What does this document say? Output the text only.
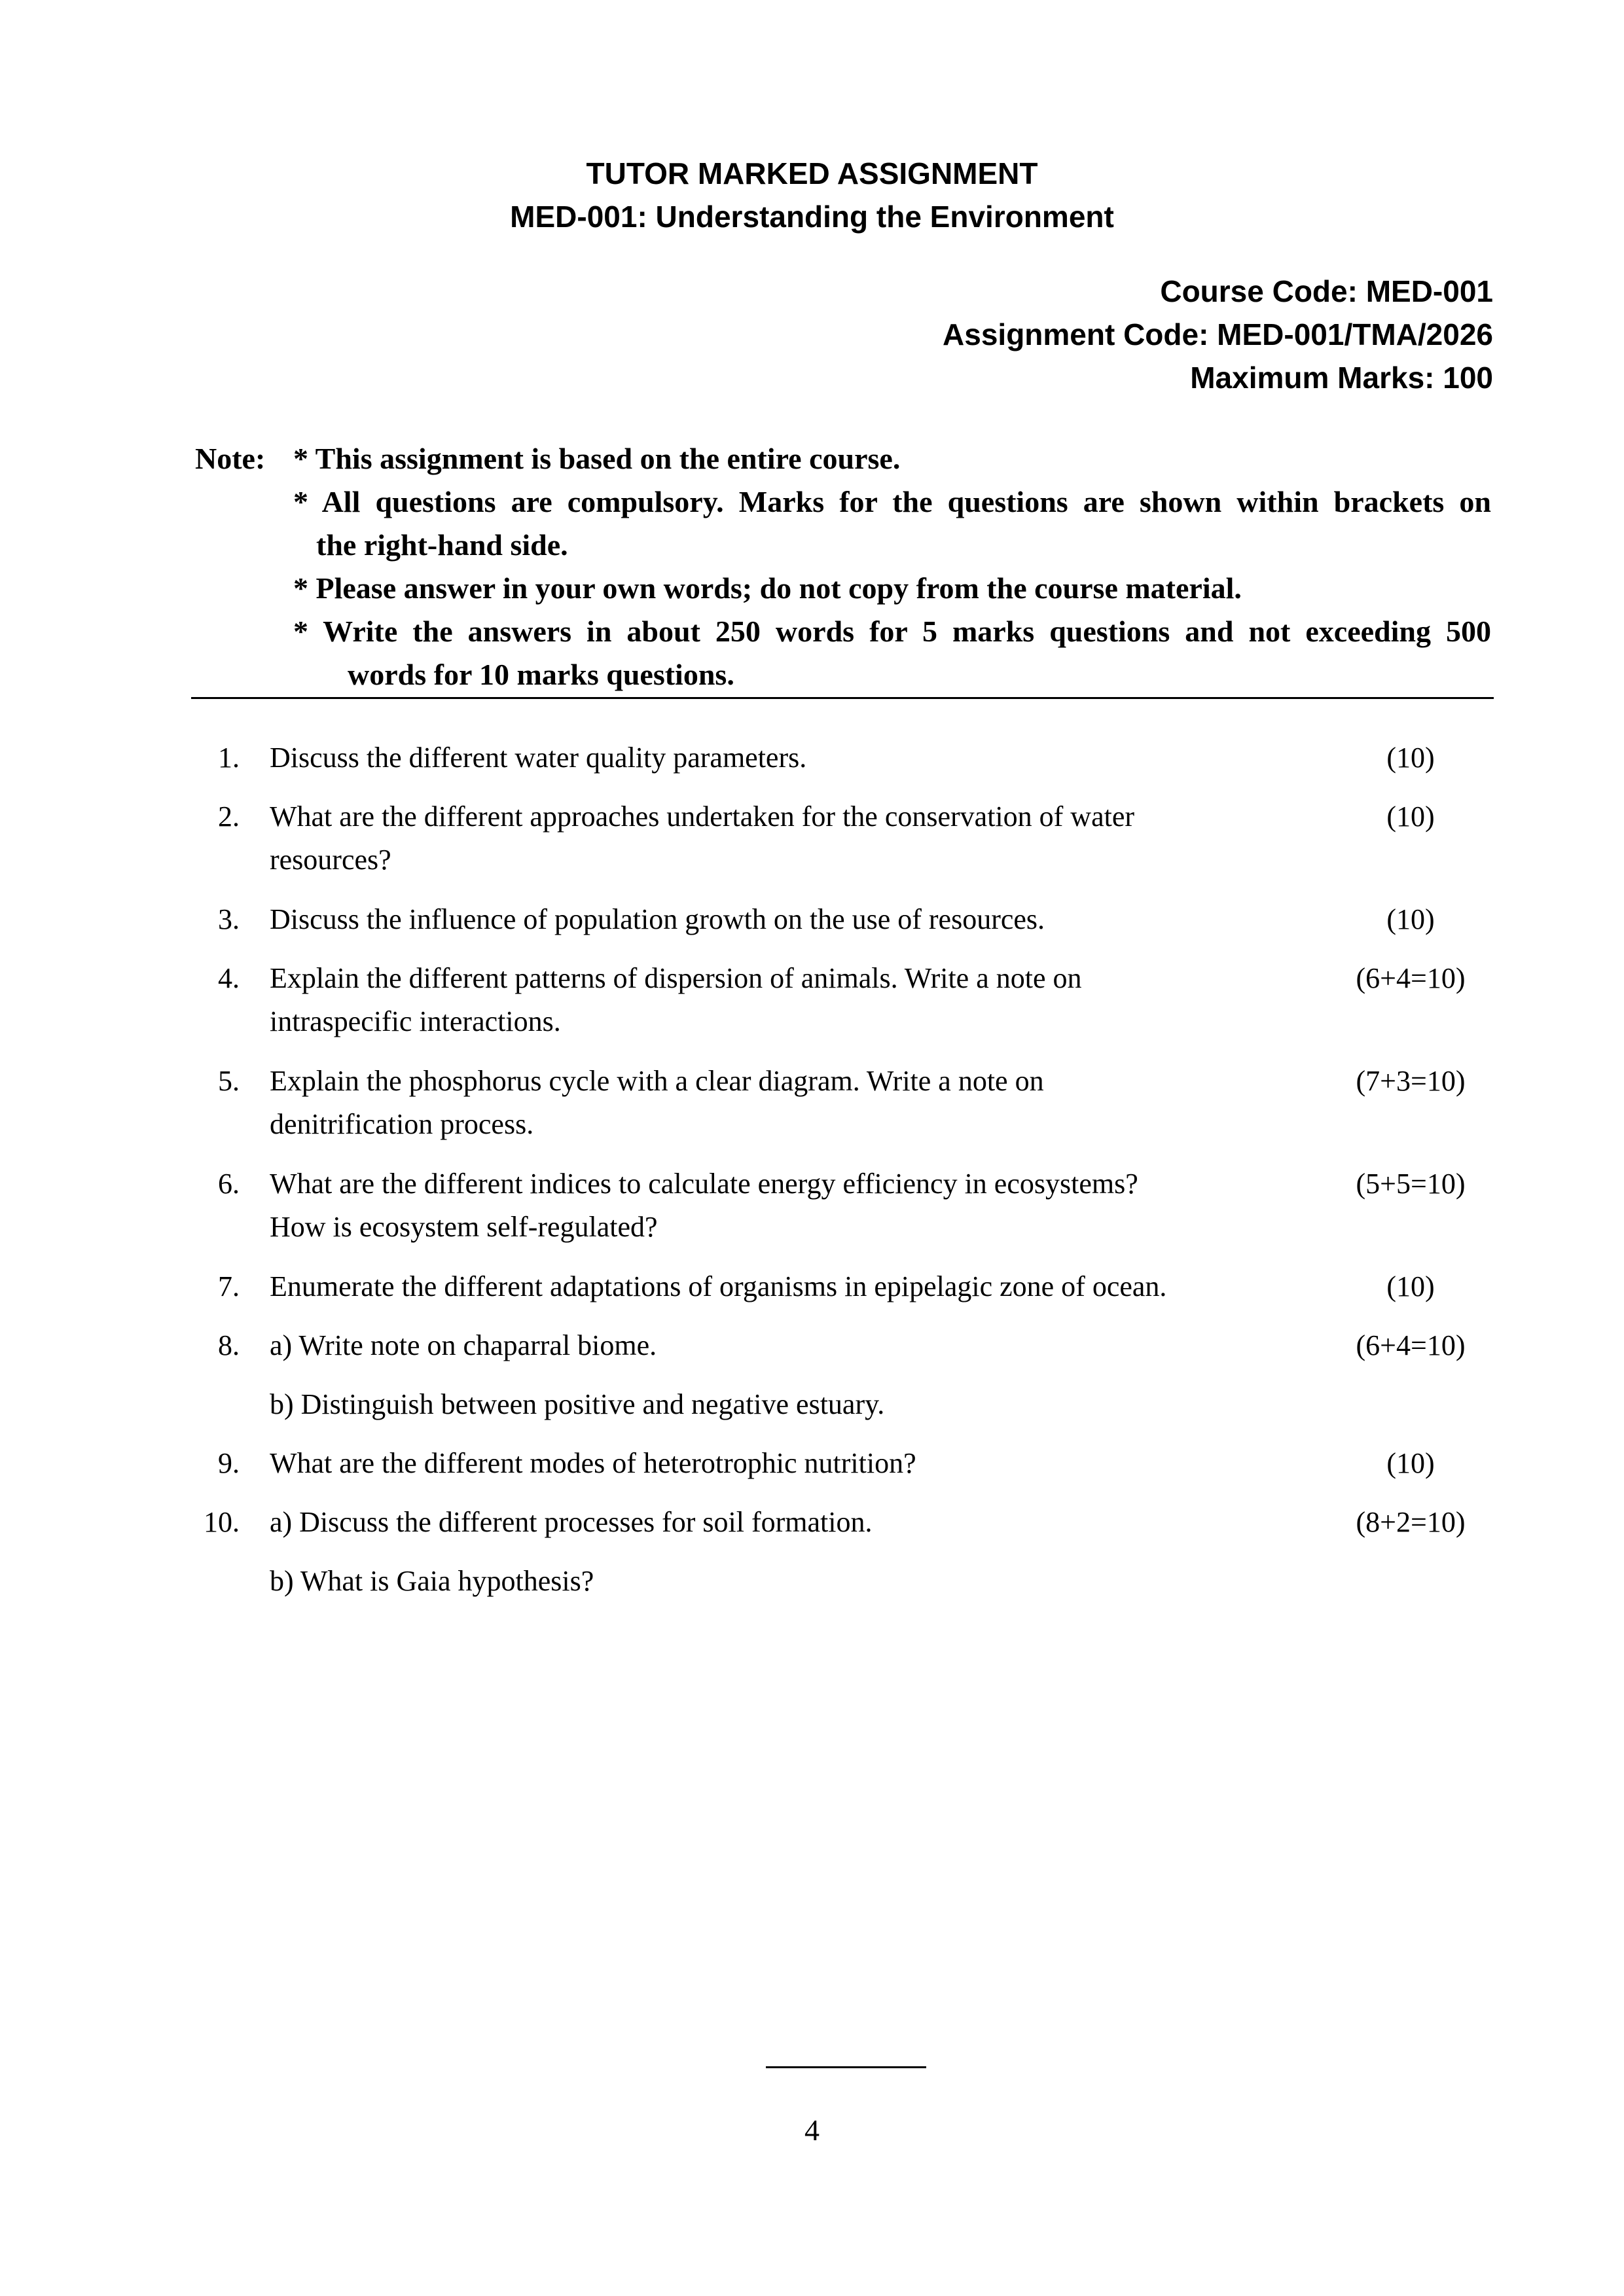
TUTOR MARKED ASSIGNMENT
MED-001: Understanding the Environment
Course Code: MED-001
Assignment Code: MED-001/TMA/2026
Maximum Marks: 100
Note: * This assignment is based on the entire course.
* All questions are compulsory. Marks for the questions are shown within brackets on
the right-hand side.
* Please answer in your own words; do not copy from the course material.
* Write the answers in about 250 words for 5 marks questions and not exceeding 500
words for 10 marks questions.
1. Discuss the different water quality parameters.	(10)
2. What are the different approaches undertaken for the conservation of water
resources?
(10)
3. Discuss the influence of population growth on the use of resources.	(10)
4. Explain the different patterns of dispersion of animals. Write a note on
intraspecific interactions.
(6+4=10)
5. Explain the phosphorus cycle with a clear diagram. Write a note on
denitrification process.
(7+3=10)
6. What are the different indices to calculate energy efficiency in ecosystems?
How is ecosystem self-regulated?
(5+5=10)
7. Enumerate the different adaptations of organisms in epipelagic zone of ocean.	(10)
8. a) Write note on chaparral biome.	(6+4=10)
b) Distinguish between positive and negative estuary.
9. What are the different modes of heterotrophic nutrition?	(10)
10. a) Discuss the different processes for soil formation.	(8+2=10)
b) What is Gaia hypothesis?
4
